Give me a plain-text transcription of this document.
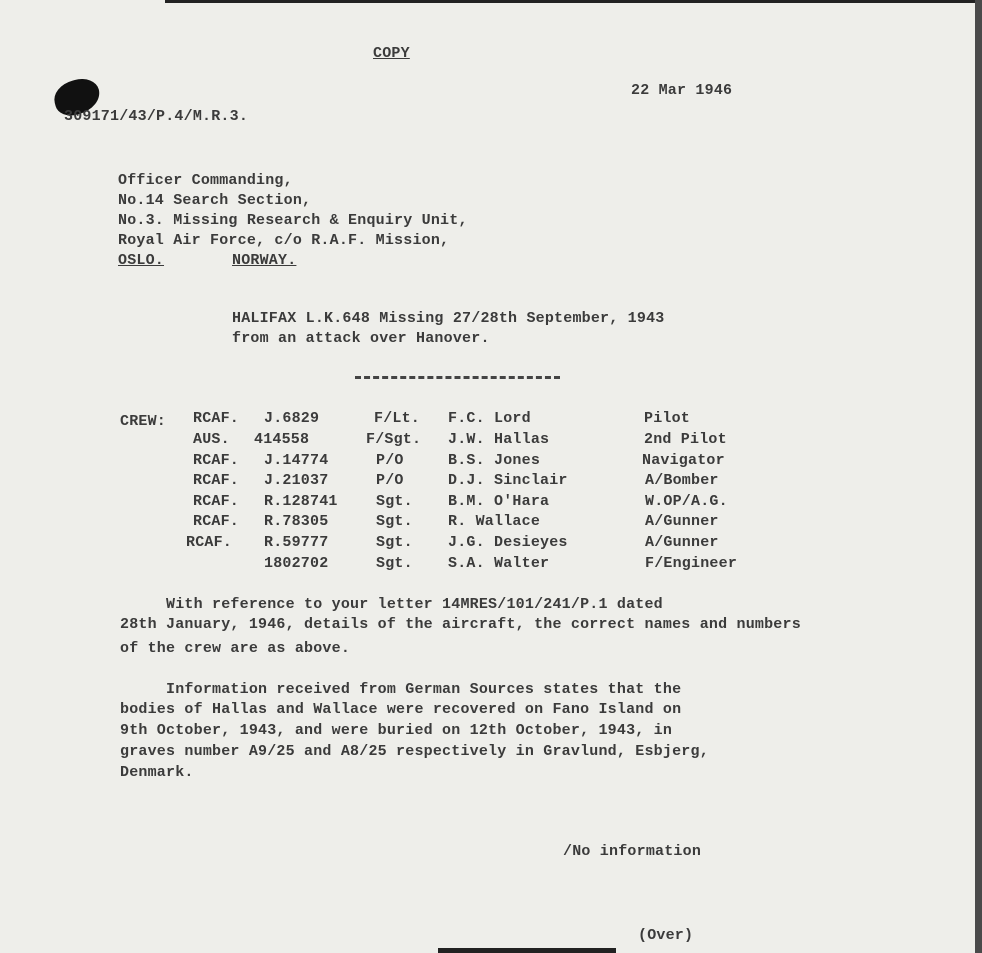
COPY
22 Mar 1946
309171/43/P.4/M.R.3.
Officer Commanding,
No.14 Search Section,
No.3. Missing Research & Enquiry Unit,
Royal Air Force, c/o R.A.F. Mission,
OSLO.	NORWAY.
HALIFAX L.K.648 Missing 27/28th September, 1943
from an attack over Hanover.
CREW: RCAF. J.6829	F/Lt. F.C. Lord	Pilot
AUS. 414558	F/Sgt. J.W. Hallas	2nd Pilot
RCAF. J.14774	P/O	B.S. Jones	Navigator
RCAF. J.21037	P/O	D.J. Sinclair	A/Bomber
RCAF. R.128741	Sgt. B.M. O'Hara	W.OP/A.G.
RCAF. R.78305	Sgt. R. Wallace	A/Gunner
RCAF. R.59777	Sgt. J.G. Desieyes	A/Gunner
1802702	Sgt. S.A. Walter	F/Engineer
With reference to your letter 14MRES/101/241/P.1 dated
28th January, 1946, details of the aircraft, the correct names and numbers
of the crew are as above.
Information received from German Sources states that the
bodies of Hallas and Wallace were recovered on Fano Island on
9th October, 1943, and were buried on 12th October, 1943, in
graves number A9/25 and A8/25 respectively in Gravlund, Esbjerg,
Denmark.
/No information
(Over)
